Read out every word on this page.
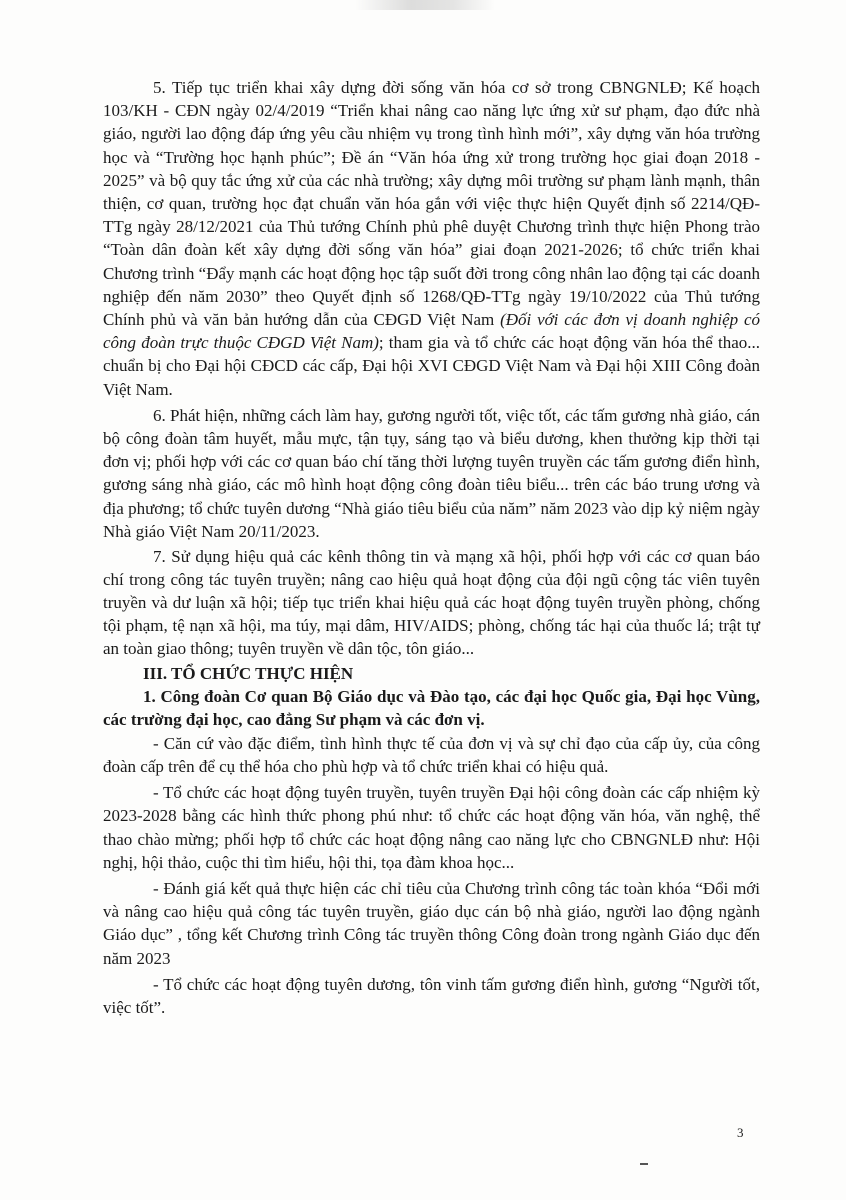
5. Tiếp tục triển khai xây dựng đời sống văn hóa cơ sở trong CBNGNLĐ; Kế hoạch 103/KH - CĐN ngày 02/4/2019 “Triển khai nâng cao năng lực ứng xử sư phạm, đạo đức nhà giáo, người lao động đáp ứng yêu cầu nhiệm vụ trong tình hình mới”, xây dựng văn hóa trường học và “Trường học hạnh phúc”; Đề án “Văn hóa ứng xử trong trường học giai đoạn 2018 - 2025” và bộ quy tắc ứng xử của các nhà trường; xây dựng môi trường sư phạm lành mạnh, thân thiện, cơ quan, trường học đạt chuẩn văn hóa gắn với việc thực hiện Quyết định số 2214/QĐ-TTg ngày 28/12/2021 của Thủ tướng Chính phủ phê duyệt Chương trình thực hiện Phong trào “Toàn dân đoàn kết xây dựng đời sống văn hóa” giai đoạn 2021-2026; tổ chức triển khai Chương trình “Đẩy mạnh các hoạt động học tập suốt đời trong công nhân lao động tại các doanh nghiệp đến năm 2030” theo Quyết định số 1268/QĐ-TTg ngày 19/10/2022 của Thủ tướng Chính phủ và văn bản hướng dẫn của CĐGD Việt Nam (Đối với các đơn vị doanh nghiệp có công đoàn trực thuộc CĐGD Việt Nam); tham gia và tổ chức các hoạt động văn hóa thể thao... chuẩn bị cho Đại hội CĐCD các cấp, Đại hội XVI CĐGD Việt Nam và Đại hội XIII Công đoàn Việt Nam.

6. Phát hiện, những cách làm hay, gương người tốt, việc tốt, các tấm gương nhà giáo, cán bộ công đoàn tâm huyết, mẫu mực, tận tụy, sáng tạo và biểu dương, khen thưởng kịp thời tại đơn vị; phối hợp với các cơ quan báo chí tăng thời lượng tuyên truyền các tấm gương điển hình, gương sáng nhà giáo, các mô hình hoạt động công đoàn tiêu biểu... trên các báo trung ương và địa phương; tổ chức tuyên dương “Nhà giáo tiêu biểu của năm” năm 2023 vào dịp kỷ niệm ngày Nhà giáo Việt Nam 20/11/2023.

7. Sử dụng hiệu quả các kênh thông tin và mạng xã hội, phối hợp với các cơ quan báo chí trong công tác tuyên truyền; nâng cao hiệu quả hoạt động của đội ngũ cộng tác viên tuyên truyền và dư luận xã hội; tiếp tục triển khai hiệu quả các hoạt động tuyên truyền phòng, chống tội phạm, tệ nạn xã hội, ma túy, mại dâm, HIV/AIDS; phòng, chống tác hại của thuốc lá; trật tự an toàn giao thông; tuyên truyền về dân tộc, tôn giáo...

III. TỔ CHỨC THỰC HIỆN

1. Công đoàn Cơ quan Bộ Giáo dục và Đào tạo, các đại học Quốc gia, Đại học Vùng, các trường đại học, cao đẳng Sư phạm và các đơn vị.

- Căn cứ vào đặc điểm, tình hình thực tế của đơn vị và sự chỉ đạo của cấp ủy, của công đoàn cấp trên để cụ thể hóa cho phù hợp và tổ chức triển khai có hiệu quả.

- Tổ chức các hoạt động tuyên truyền, tuyên truyền Đại hội công đoàn các cấp nhiệm kỳ 2023-2028 bằng các hình thức phong phú như: tổ chức các hoạt động văn hóa, văn nghệ, thể thao chào mừng; phối hợp tổ chức các hoạt động nâng cao năng lực cho CBNGNLĐ như: Hội nghị, hội thảo, cuộc thi tìm hiểu, hội thi, tọa đàm khoa học...

- Đánh giá kết quả thực hiện các chỉ tiêu của Chương trình công tác toàn khóa “Đổi mới và nâng cao hiệu quả công tác tuyên truyền, giáo dục cán bộ nhà giáo, người lao động ngành Giáo dục” , tổng kết Chương trình Công tác truyền thông Công đoàn trong ngành Giáo dục đến năm 2023

- Tổ chức các hoạt động tuyên dương, tôn vinh tấm gương điển hình, gương “Người tốt, việc tốt”.

3
